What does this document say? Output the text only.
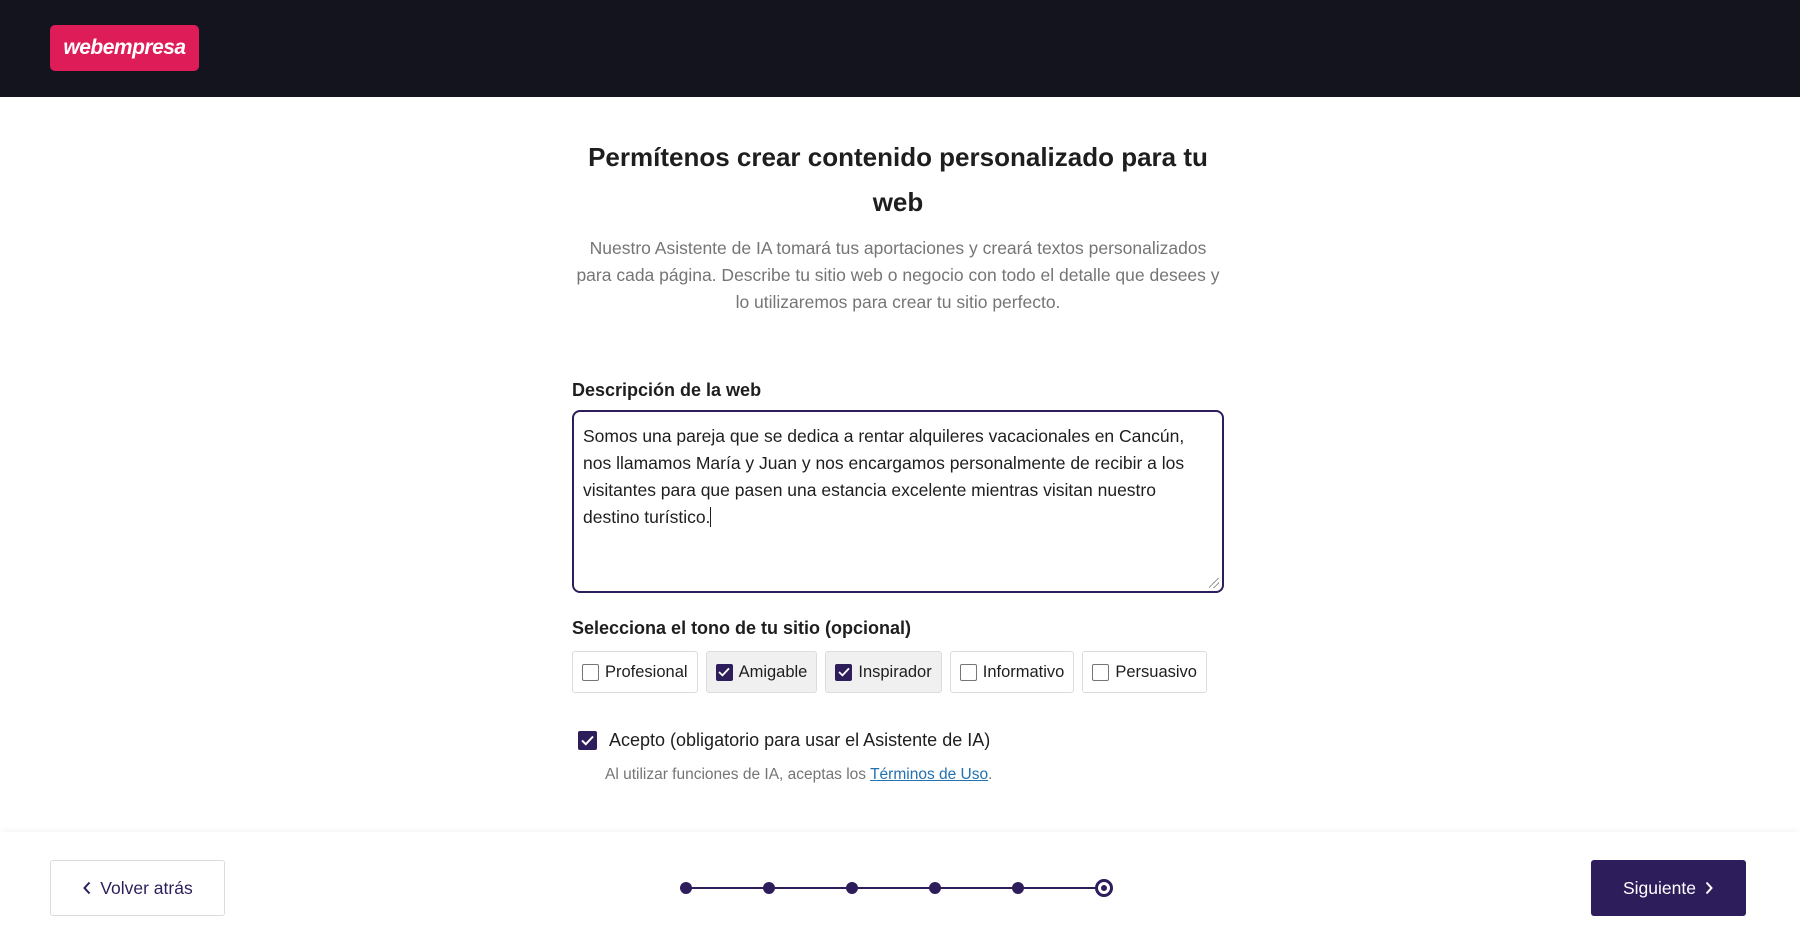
webempresa
Permítenos crear contenido personalizado para tu web

Nuestro Asistente de IA tomará tus aportaciones y creará textos personalizados para cada página. Describe tu sitio web o negocio con todo el detalle que desees y lo utilizaremos para crear tu sitio perfecto.

Descripción de la web
Somos una pareja que se dedica a rentar alquileres vacacionales en Cancún, nos llamamos María y Juan y nos encargamos personalmente de recibir a los visitantes para que pasen una estancia excelente mientras visitan nuestro destino turístico.
Selecciona el tono de tu sitio (opcional)
Profesional	Amigable	Inspirador	Informativo	Persuasivo
Acepto (obligatorio para usar el Asistente de IA)
Al utilizar funciones de IA, aceptas los Términos de Uso.
Volver atrás	Siguiente
